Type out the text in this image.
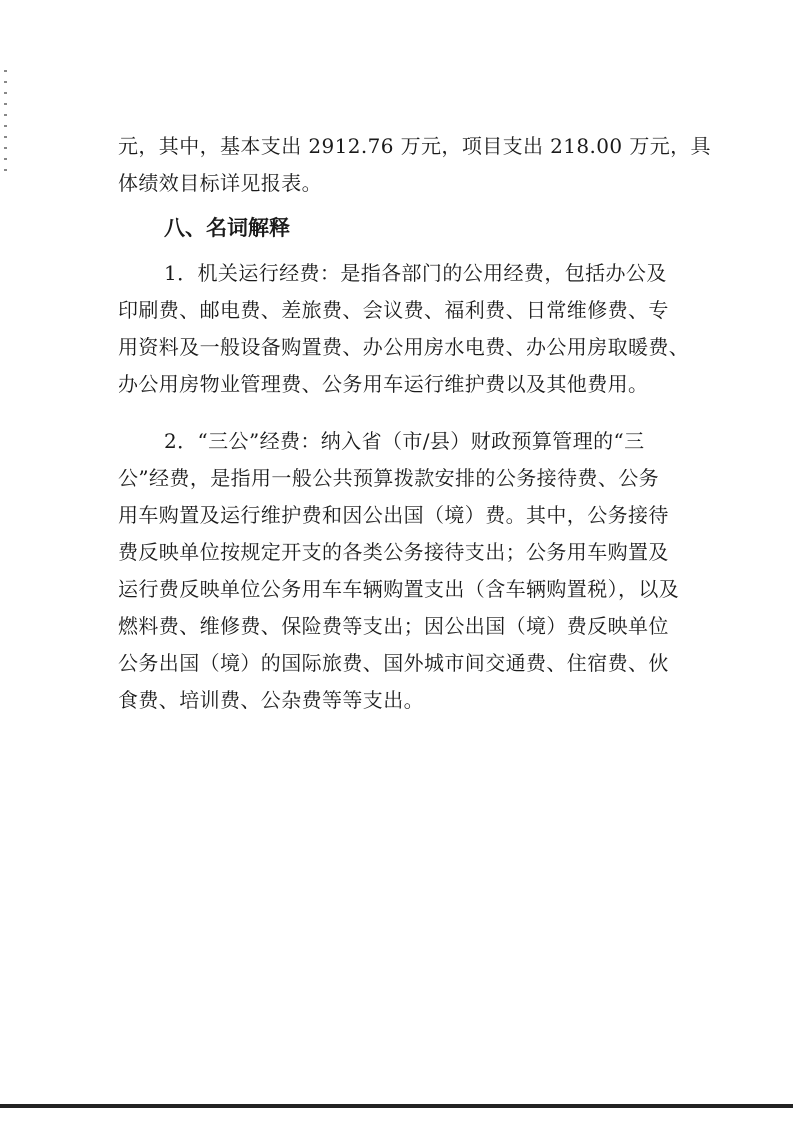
元，其中，基本支出 2912.76 万元，项目支出 218.00 万元，具
体绩效目标详见报表。

八、名词解释

1．机关运行经费：是指各部门的公用经费，包括办公及
印刷费、邮电费、差旅费、会议费、福利费、日常维修费、专
用资料及一般设备购置费、办公用房水电费、办公用房取暖费、
办公用房物业管理费、公务用车运行维护费以及其他费用。

2．“三公”经费：纳入省（市/县）财政预算管理的“三
公”经费，是指用一般公共预算拨款安排的公务接待费、公务
用车购置及运行维护费和因公出国（境）费。其中，公务接待
费反映单位按规定开支的各类公务接待支出；公务用车购置及
运行费反映单位公务用车车辆购置支出（含车辆购置税），以及
燃料费、维修费、保险费等支出；因公出国（境）费反映单位
公务出国（境）的国际旅费、国外城市间交通费、住宿费、伙
食费、培训费、公杂费等等支出。
